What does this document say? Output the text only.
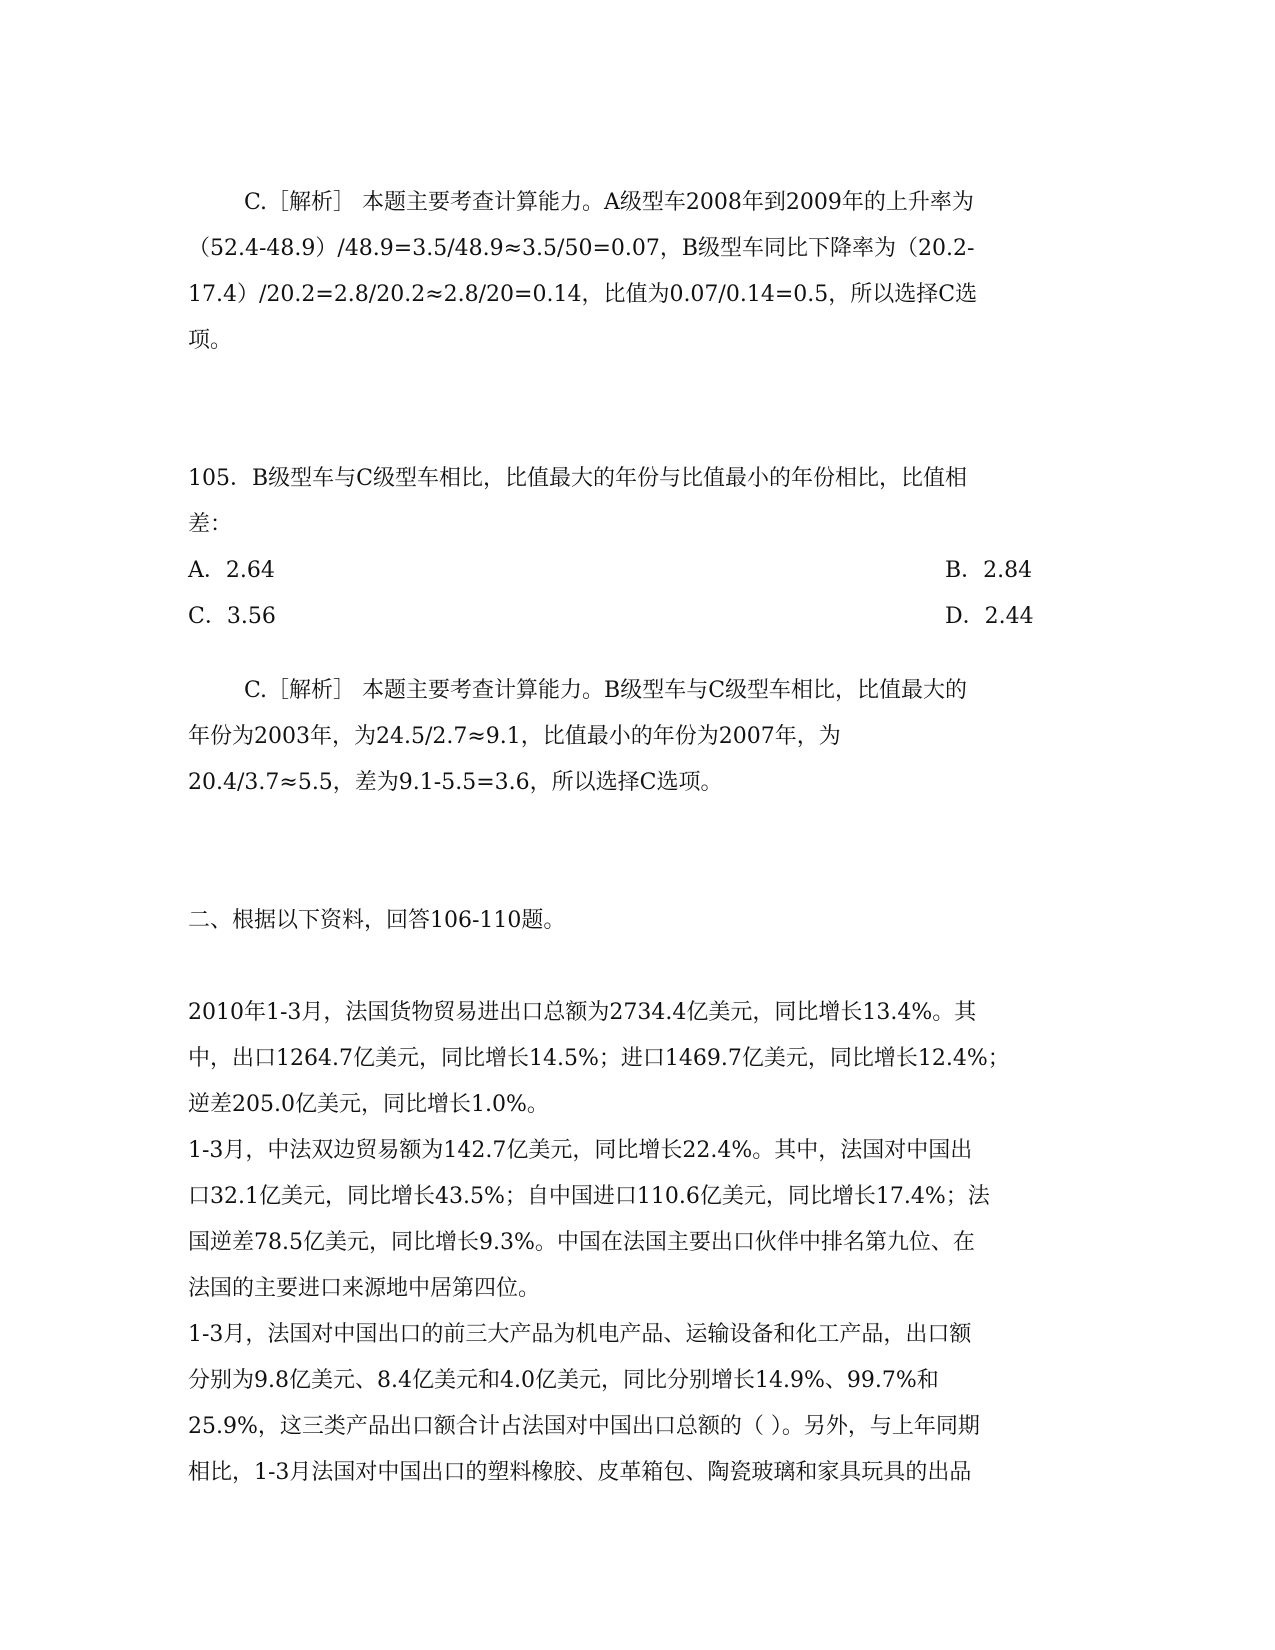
C.［解析］ 本题主要考查计算能力。A级型车2008年到2009年的上升率为

（52.4-48.9）/48.9=3.5/48.9≈3.5/50=0.07，B级型车同比下降率为（20.2-

17.4）/20.2=2.8/20.2≈2.8/20=0.14，比值为0.07/0.14=0.5，所以选择C选

项。

105．B级型车与C级型车相比，比值最大的年份与比值最小的年份相比，比值相

差：

A．2.64	B．2.84
C．3.56	D．2.44

C.［解析］ 本题主要考查计算能力。B级型车与C级型车相比，比值最大的

年份为2003年，为24.5/2.7≈9.1，比值最小的年份为2007年，为

20.4/3.7≈5.5，差为9.1-5.5=3.6，所以选择C选项。

二、根据以下资料，回答106-110题。

2010年1-3月，法国货物贸易进出口总额为2734.4亿美元，同比增长13.4%。其

中，出口1264.7亿美元，同比增长14.5%；进口1469.7亿美元，同比增长12.4%；

逆差205.0亿美元，同比增长1.0%。

1-3月，中法双边贸易额为142.7亿美元，同比增长22.4%。其中，法国对中国出

口32.1亿美元，同比增长43.5%；自中国进口110.6亿美元，同比增长17.4%；法

国逆差78.5亿美元，同比增长9.3%。中国在法国主要出口伙伴中排名第九位、在

法国的主要进口来源地中居第四位。

1-3月，法国对中国出口的前三大产品为机电产品、运输设备和化工产品，出口额

分别为9.8亿美元、8.4亿美元和4.0亿美元，同比分别增长14.9%、99.7%和

25.9%，这三类产品出口额合计占法国对中国出口总额的（ ）。另外，与上年同期

相比，1-3月法国对中国出口的塑料橡胶、皮革箱包、陶瓷玻璃和家具玩具的出品
